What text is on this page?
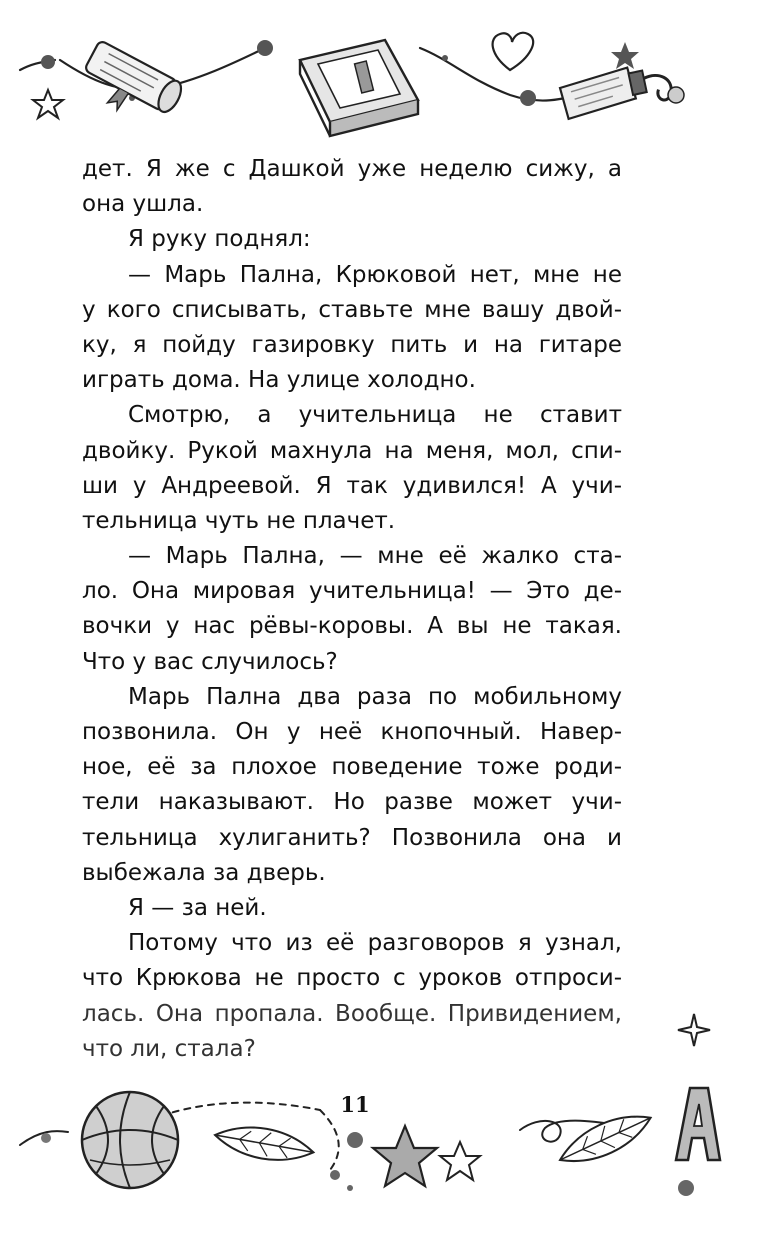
дет. Я же с Дашкой уже неделю сижу, а
она ушла.
Я руку поднял:
— Марь Пална, Крюковой нет, мне не
у кого списывать, ставьте мне вашу двой-
ку, я пойду газировку пить и на гитаре
играть дома. На улице холодно.
Смотрю, а учительница не ставит
двойку. Рукой махнула на меня, мол, спи-
ши у Андреевой. Я так удивился! А учи-
тельница чуть не плачет.
— Марь Пална, — мне её жалко ста-
ло. Она мировая учительница! — Это де-
вочки у нас рёвы-коровы. А вы не такая.
Что у вас случилось?
Марь Пална два раза по мобильному
позвонила. Он у неё кнопочный. Навер-
ное, её за плохое поведение тоже роди-
тели наказывают. Но разве может учи-
тельница хулиганить? Позвонила она и
выбежала за дверь.
Я — за ней.
Потому что из её разговоров я узнал,
что Крюкова не просто с уроков отпроси-
лась. Она пропала. Вообще. Привидением,
что ли, стала?
11
